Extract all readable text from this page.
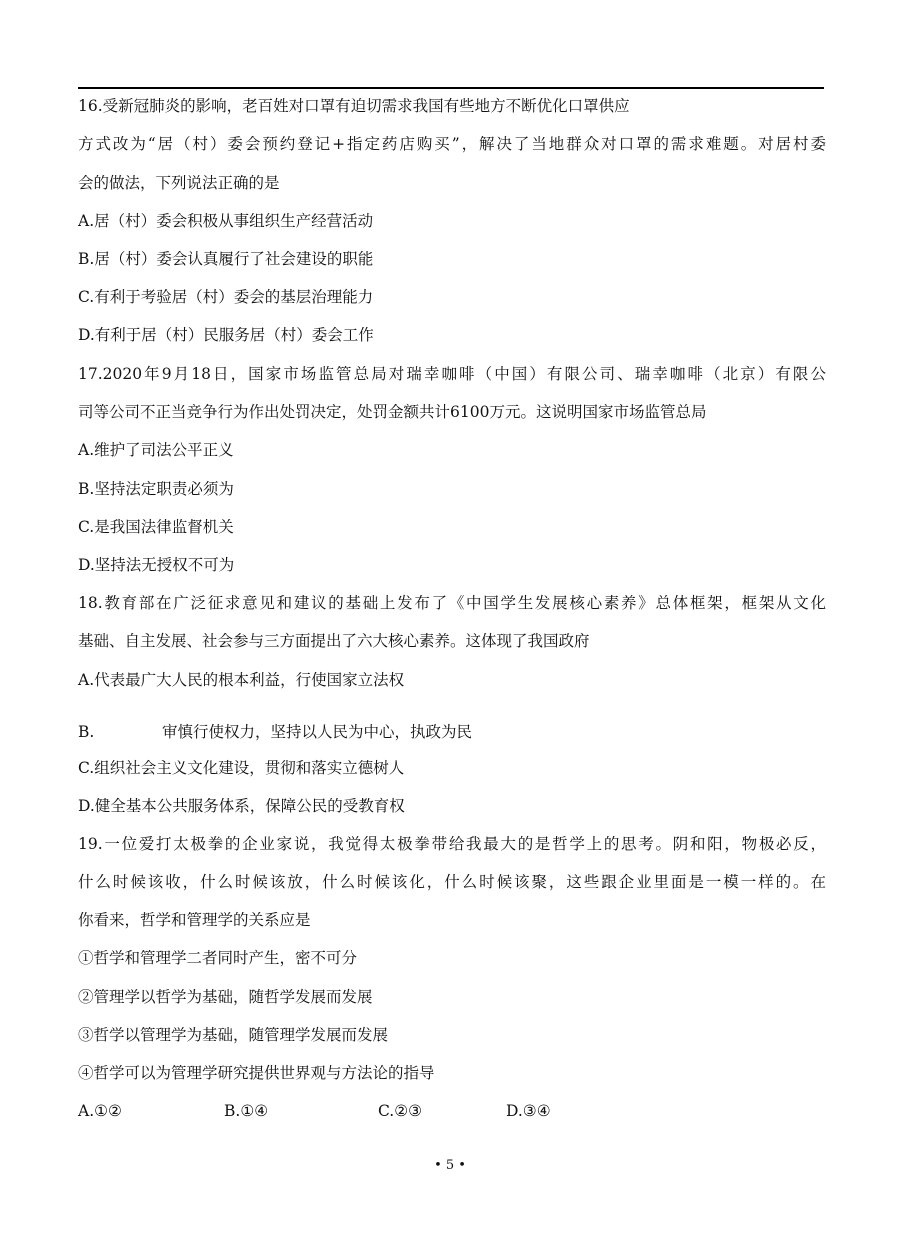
16.受新冠肺炎的影响，老百姓对口罩有迫切需求我国有些地方不断优化口罩供应
方式改为“居（村）委会预约登记+指定药店购买”，解决了当地群众对口罩的需求难题。对居村委
会的做法，下列说法正确的是
A.居（村）委会积极从事组织生产经营活动
B.居（村）委会认真履行了社会建设的职能
C.有利于考验居（村）委会的基层治理能力
D.有利于居（村）民服务居（村）委会工作
17.2020年9月18日，国家市场监管总局对瑞幸咖啡（中国）有限公司、瑞幸咖啡（北京）有限公
司等公司不正当竞争行为作出处罚决定，处罚金额共计6100万元。这说明国家市场监管总局
A.维护了司法公平正义
B.坚持法定职责必须为
C.是我国法律监督机关
D.坚持法无授权不可为
18.教育部在广泛征求意见和建议的基础上发布了《中国学生发展核心素养》总体框架，框架从文化
基础、自主发展、社会参与三方面提出了六大核心素养。这体现了我国政府
A.代表最广大人民的根本利益，行使国家立法权
B.	审慎行使权力，坚持以人民为中心，执政为民
C.组织社会主义文化建设，贯彻和落实立德树人
D.健全基本公共服务体系，保障公民的受教育权
19.一位爱打太极拳的企业家说，我觉得太极拳带给我最大的是哲学上的思考。阴和阳，物极必反，
什么时候该收，什么时候该放，什么时候该化，什么时候该聚，这些跟企业里面是一模一样的。在
你看来，哲学和管理学的关系应是
①哲学和管理学二者同时产生，密不可分
②管理学以哲学为基础，随哲学发展而发展
③哲学以管理学为基础，随管理学发展而发展
④哲学可以为管理学研究提供世界观与方法论的指导
A.①②	B.①④	C.②③	D.③④
• 5 •
